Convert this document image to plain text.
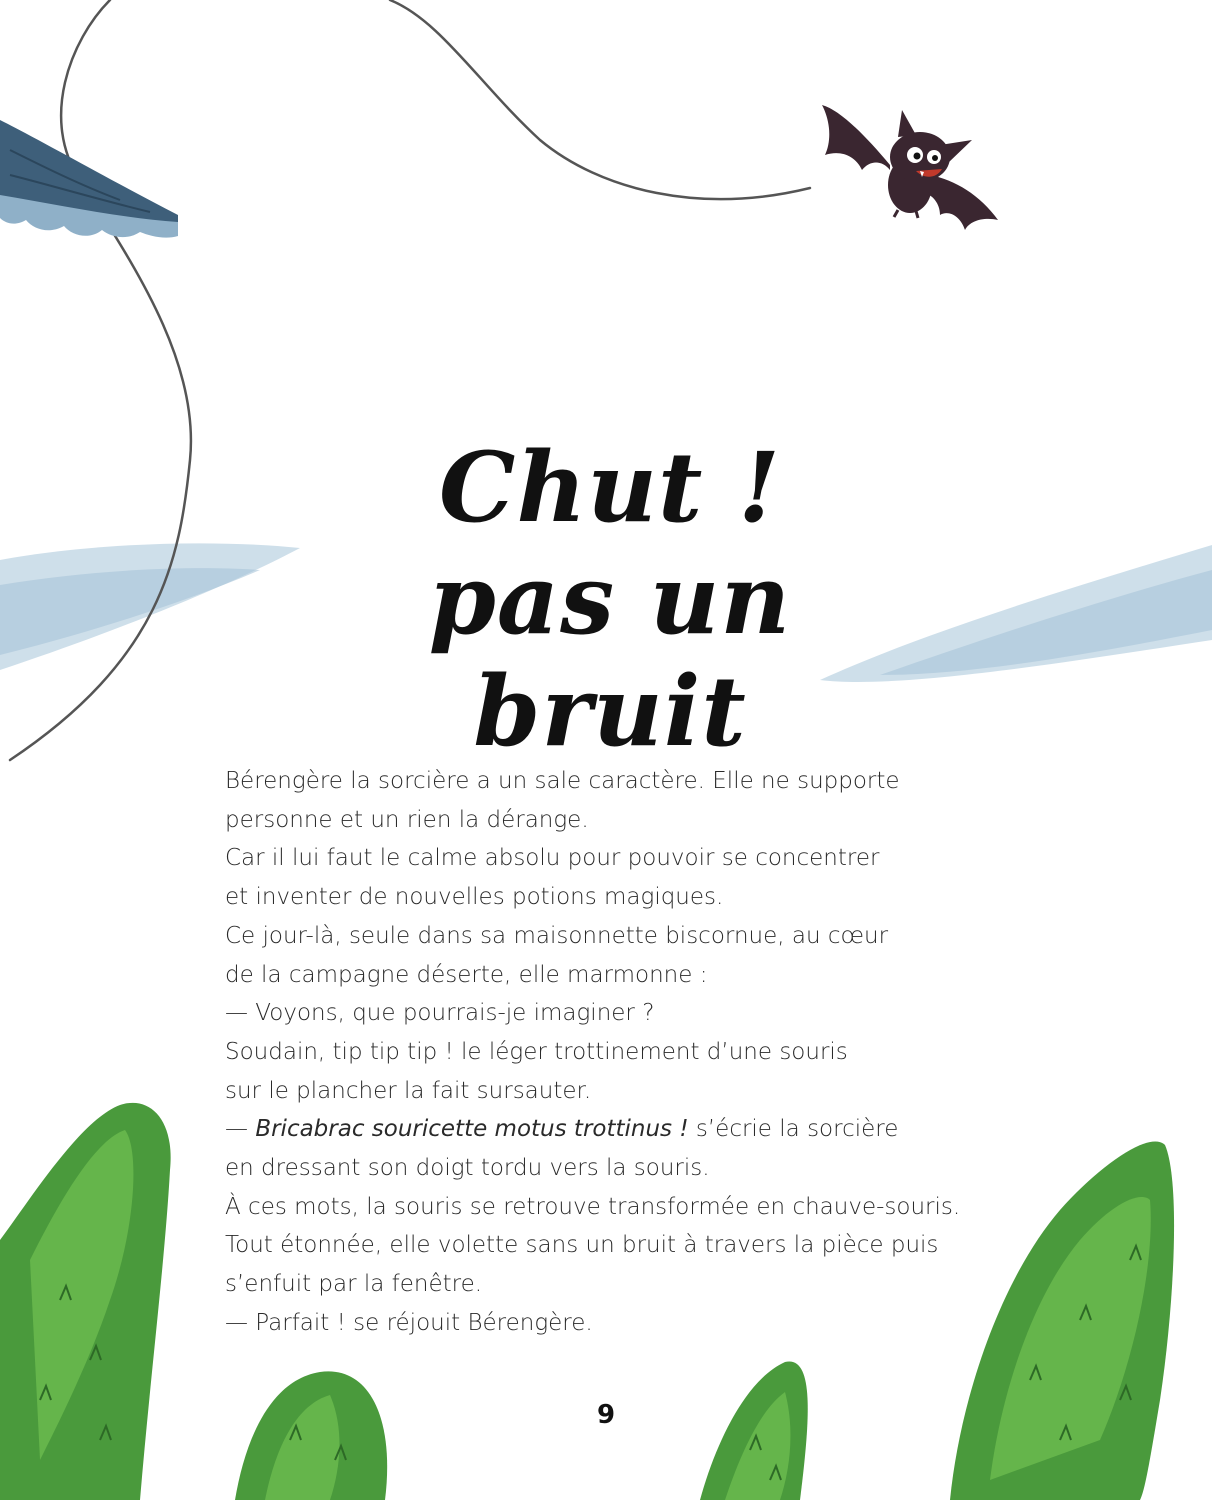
Chut !
pas un bruit

Bérengère la sorcière a un sale caractère. Elle ne supporte

personne et un rien la dérange.

Car il lui faut le calme absolu pour pouvoir se concentrer

et inventer de nouvelles potions magiques.

Ce jour-là, seule dans sa maisonnette biscornue, au cœur

de la campagne déserte, elle marmonne :

— Voyons, que pourrais-je imaginer ?

Soudain, tip tip tip ! le léger trottinement d’une souris

sur le plancher la fait sursauter.

— Bricabrac souricette motus trottinus ! s’écrie la sorcière

en dressant son doigt tordu vers la souris.

À ces mots, la souris se retrouve transformée en chauve-souris.

Tout étonnée, elle volette sans un bruit à travers la pièce puis

s’enfuit par la fenêtre.

— Parfait ! se réjouit Bérengère.

9
